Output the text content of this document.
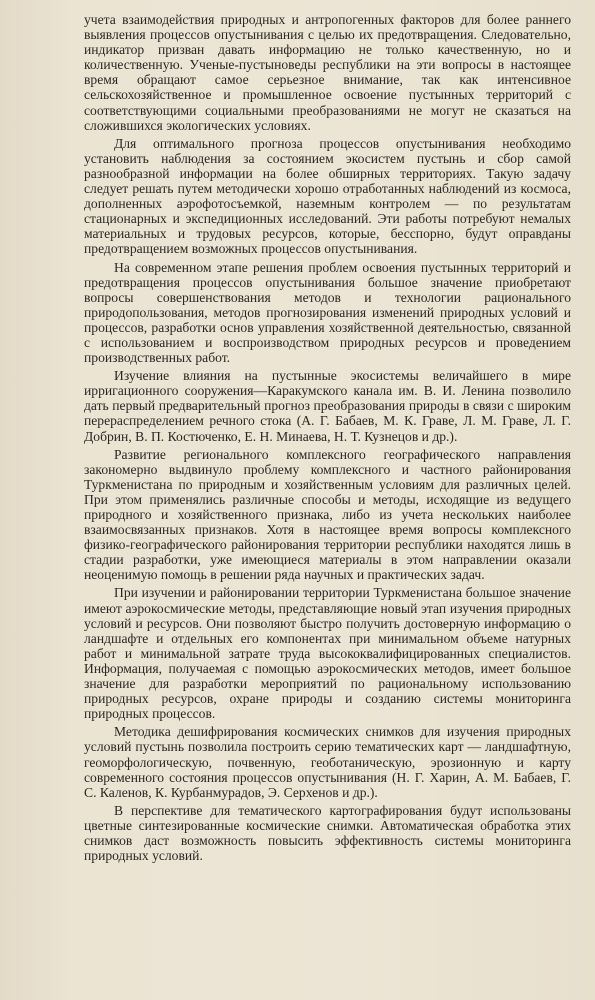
учета взаимодействия природных и антропогенных факторов для более раннего выявления процессов опустынивания с целью их предотвращения. Следовательно, индикатор призван давать информацию не только качественную, но и количественную. Ученые-пустыноведы республики на эти вопросы в настоящее время обращают самое серьезное внимание, так как интенсивное сельскохозяйственное и промышленное освоение пустынных территорий с соответствующими социальными преобразованиями не могут не сказаться на сложившихся экологических условиях.

Для оптимального прогноза процессов опустынивания необходимо установить наблюдения за состоянием экосистем пустынь и сбор самой разнообразной информации на более обширных территориях. Такую задачу следует решать путем методически хорошо отработанных наблюдений из космоса, дополненных аэрофотосъемкой, наземным контролем — по результатам стационарных и экспедиционных исследований. Эти работы потребуют немалых материальных и трудовых ресурсов, которые, бесспорно, будут оправданы предотвращением возможных процессов опустынивания.

На современном этапе решения проблем освоения пустынных территорий и предотвращения процессов опустынивания большое значение приобретают вопросы совершенствования методов и технологии рационального природопользования, методов прогнозирования изменений природных условий и процессов, разработки основ управления хозяйственной деятельностью, связанной с использованием и воспроизводством природных ресурсов и проведением производственных работ.

Изучение влияния на пустынные экосистемы величайшего в мире ирригационного сооружения—Каракумского канала им. В. И. Ленина позволило дать первый предварительный прогноз преобразования природы в связи с широким перераспределением речного стока (А. Г. Бабаев, М. К. Граве, Л. М. Граве, Л. Г. Добрин, В. П. Костюченко, Е. Н. Минаева, Н. Т. Кузнецов и др.).

Развитие регионального комплексного географического направления закономерно выдвинуло проблему комплексного и частного районирования Туркменистана по природным и хозяйственным условиям для различных целей. При этом применялись различные способы и методы, исходящие из ведущего природного и хозяйственного признака, либо из учета нескольких наиболее взаимосвязанных признаков. Хотя в настоящее время вопросы комплексного физико-географического районирования территории республики находятся лишь в стадии разработки, уже имеющиеся материалы в этом направлении оказали неоценимую помощь в решении ряда научных и практических задач.

При изучении и районировании территории Туркменистана большое значение имеют аэрокосмические методы, представляющие новый этап изучения природных условий и ресурсов. Они позволяют быстро получить достоверную информацию о ландшафте и отдельных его компонентах при минимальном объеме натурных работ и минимальной затрате труда высококвалифицированных специалистов. Информация, получаемая с помощью аэрокосмических методов, имеет большое значение для разработки мероприятий по рациональному использованию природных ресурсов, охране природы и созданию системы мониторинга природных процессов.

Методика дешифрирования космических снимков для изучения природных условий пустынь позволила построить серию тематических карт — ландшафтную, геоморфологическую, почвенную, геоботаническую, эрозионную и карту современного состояния процессов опустынивания (Н. Г. Харин, А. М. Бабаев, Г. С. Каленов, К. Курбанмурадов, Э. Серхенов и др.).

В перспективе для тематического картографирования будут использованы цветные синтезированные космические снимки. Автоматическая обработка этих снимков даст возможность повысить эффективность системы мониторинга природных условий.
